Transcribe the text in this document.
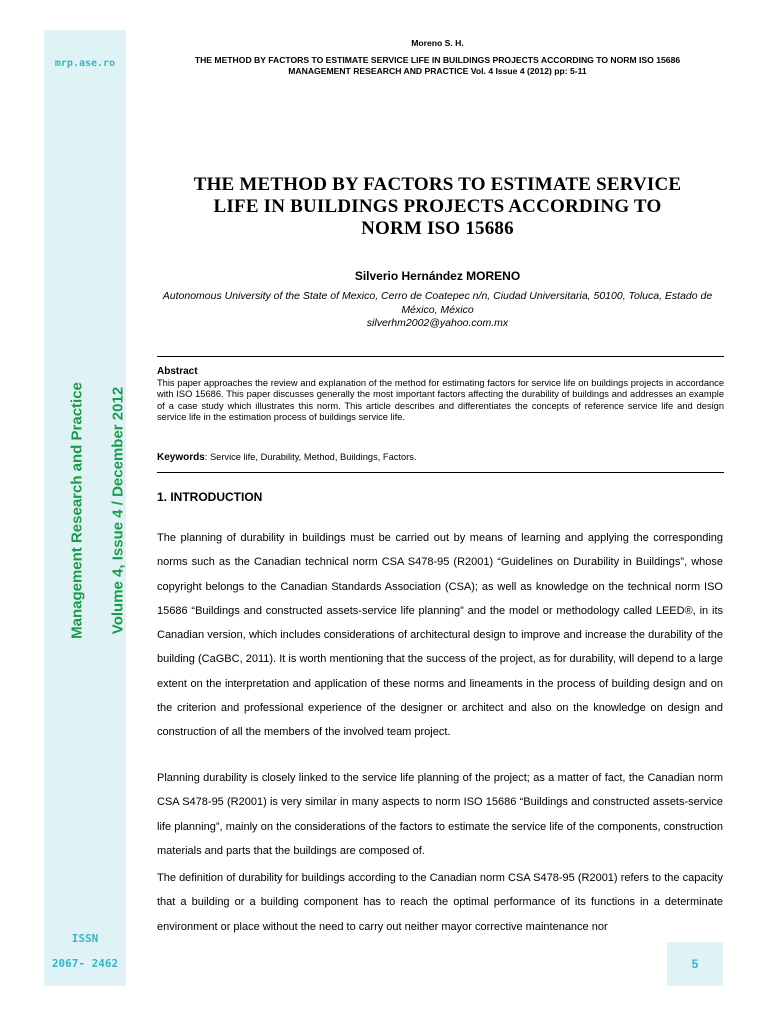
mrp.ase.ro
Management Research and Practice Volume 4, Issue 4 / December 2012
ISSN
2067- 2462
Moreno S. H.
THE METHOD BY FACTORS TO ESTIMATE SERVICE LIFE IN BUILDINGS PROJECTS ACCORDING TO NORM ISO 15686
MANAGEMENT RESEARCH AND PRACTICE Vol. 4 Issue 4 (2012) pp: 5-11
THE METHOD BY FACTORS TO ESTIMATE SERVICE LIFE IN BUILDINGS PROJECTS ACCORDING TO NORM ISO 15686
Silverio Hernández MORENO
Autonomous University of the State of Mexico, Cerro de Coatepec n/n, Ciudad Universitaria, 50100, Toluca, Estado de México, México
silverhm2002@yahoo.com.mx
Abstract
This paper approaches the review and explanation of the method for estimating factors for service life on buildings projects in accordance with ISO 15686. This paper discusses generally the most important factors affecting the durability of buildings and addresses an example of a case study which illustrates this norm. This article describes and differentiates the concepts of reference service life and design service life in the estimation process of buildings service life.
Keywords: Service life, Durability, Method, Buildings, Factors.
1. INTRODUCTION
The planning of durability in buildings must be carried out by means of learning and applying the corresponding norms such as the Canadian technical norm CSA S478-95 (R2001) “Guidelines on Durability in Buildings”, whose copyright belongs to the Canadian Standards Association (CSA); as well as knowledge on the technical norm ISO 15686 “Buildings and constructed assets-service life planning” and the model or methodology called LEED®, in its Canadian version, which includes considerations of architectural design to improve and increase the durability of the building (CaGBC, 2011). It is worth mentioning that the success of the project, as for durability, will depend to a large extent on the interpretation and application of these norms and lineaments in the process of building design and on the criterion and professional experience of the designer or architect and also on the knowledge on design and construction of all the members of the involved team project.
Planning durability is closely linked to the service life planning of the project; as a matter of fact, the Canadian norm CSA S478-95 (R2001) is very similar in many aspects to norm ISO 15686 “Buildings and constructed assets-service life planning”, mainly on the considerations of the factors to estimate the service life of the components, construction materials and parts that the buildings are composed of.
The definition of durability for buildings according to the Canadian norm CSA S478-95 (R2001) refers to the capacity that a building or a building component has to reach the optimal performance of its functions in a determinate environment or place without the need to carry out neither mayor corrective maintenance nor
5
